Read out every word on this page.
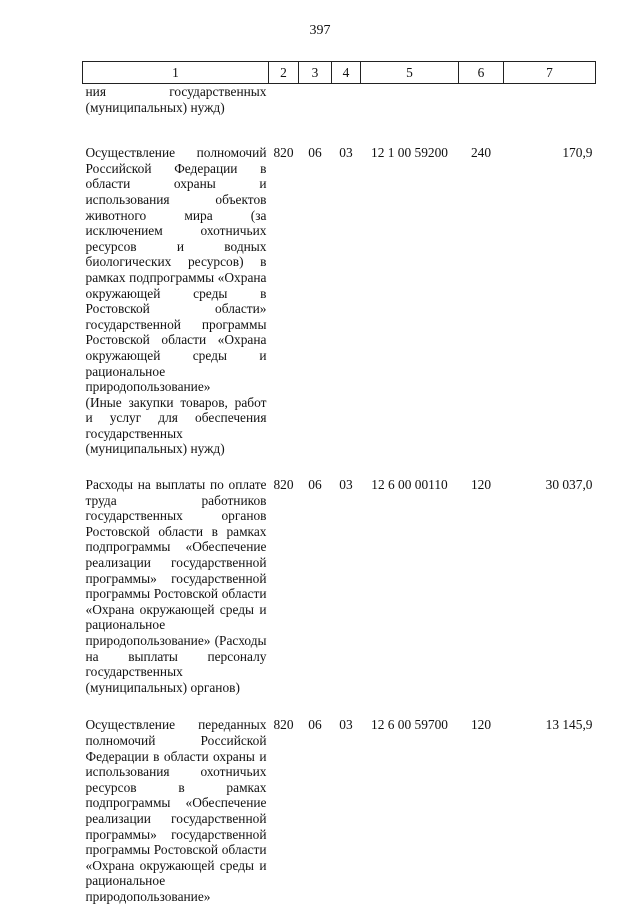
397
1	2	3	4	5	6	7

ния государственных (муниципальных) нужд)						

Осуществление полномочий Российской Федерации в области охраны и использования объектов животного мира (за исключением охотничьих ресурсов и водных биологических ресурсов) в рамках подпрограммы «Охрана окружающей среды в Ростовской области» государственной программы Ростовской области «Охрана окружающей среды и рациональное природопользование»
(Иные закупки товаров, работ и услуг для обеспечения государственных (муниципальных) нужд)	820	06	03	12 1 00 59200	240	170,9

Расходы на выплаты по оплате труда работников государственных органов Ростовской области в рамках подпрограммы «Обеспечение реализации государственной программы» государственной программы Ростовской области «Охрана окружающей среды и рациональное природопользование» (Расходы на выплаты персоналу государственных (муниципальных) органов)	820	06	03	12 6 00 00110	120	30 037,0

Осуществление переданных полномочий Российской Федерации в области охраны и использования охотничьих ресурсов в рамках подпрограммы «Обеспечение реализации государственной программы» государственной программы Ростовской области «Охрана окружающей среды и рациональное природопользование»	820	06	03	12 6 00 59700	120	13 145,9
